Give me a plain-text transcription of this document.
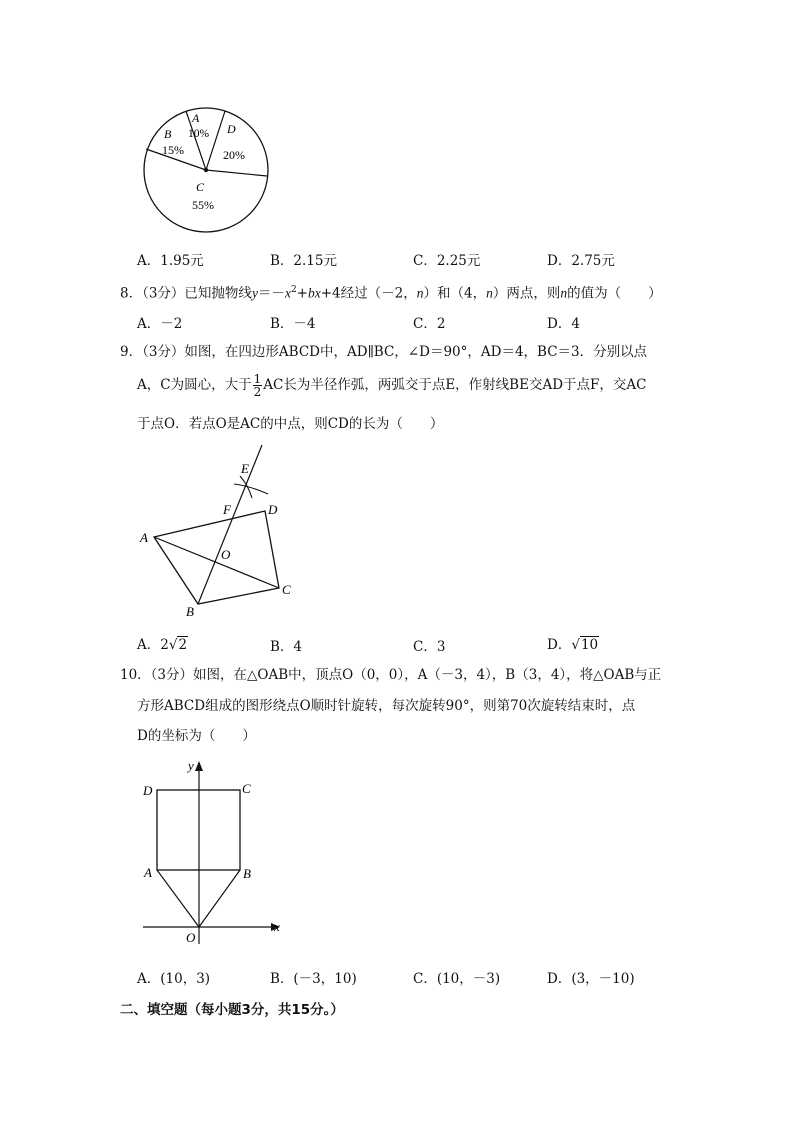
A
10%
B
15%
D
20%
C
55%
A．1.95元	B．2.15元	C．2.25元	D．2.75元
8．（3分）已知抛物线$y=-x^2+bx+4$经过（－2，n）和（4，n）两点，则n的值为（　　）
A．－2	B．－4	C．2	D．4
9．（3分）如图，在四边形ABCD中，AD∥BC，∠D＝90°，AD＝4，BC＝3．分别以点
A，C为圆心，大于 $\frac{1}{2}$ AC长为半径作弧，两弧交于点E，作射线BE交AD于点F，交AC
于点O．若点O是AC的中点，则CD的长为（　　）
E
F	D
A
O
C
B
A．2√2	B．4	C．3	D．√10
10．（3分）如图，在△OAB中，顶点O（0，0），A（－3，4），B（3，4），将△OAB与正
方形ABCD组成的图形绕点O顺时针旋转，每次旋转90°，则第70次旋转结束时，点
D的坐标为（　　）
y
x
D	C
A	B
O
A．(10，3)	B．(－3，10)	C．(10，－3)	D．(3，－10)
二、填空题（每小题3分，共15分。）
